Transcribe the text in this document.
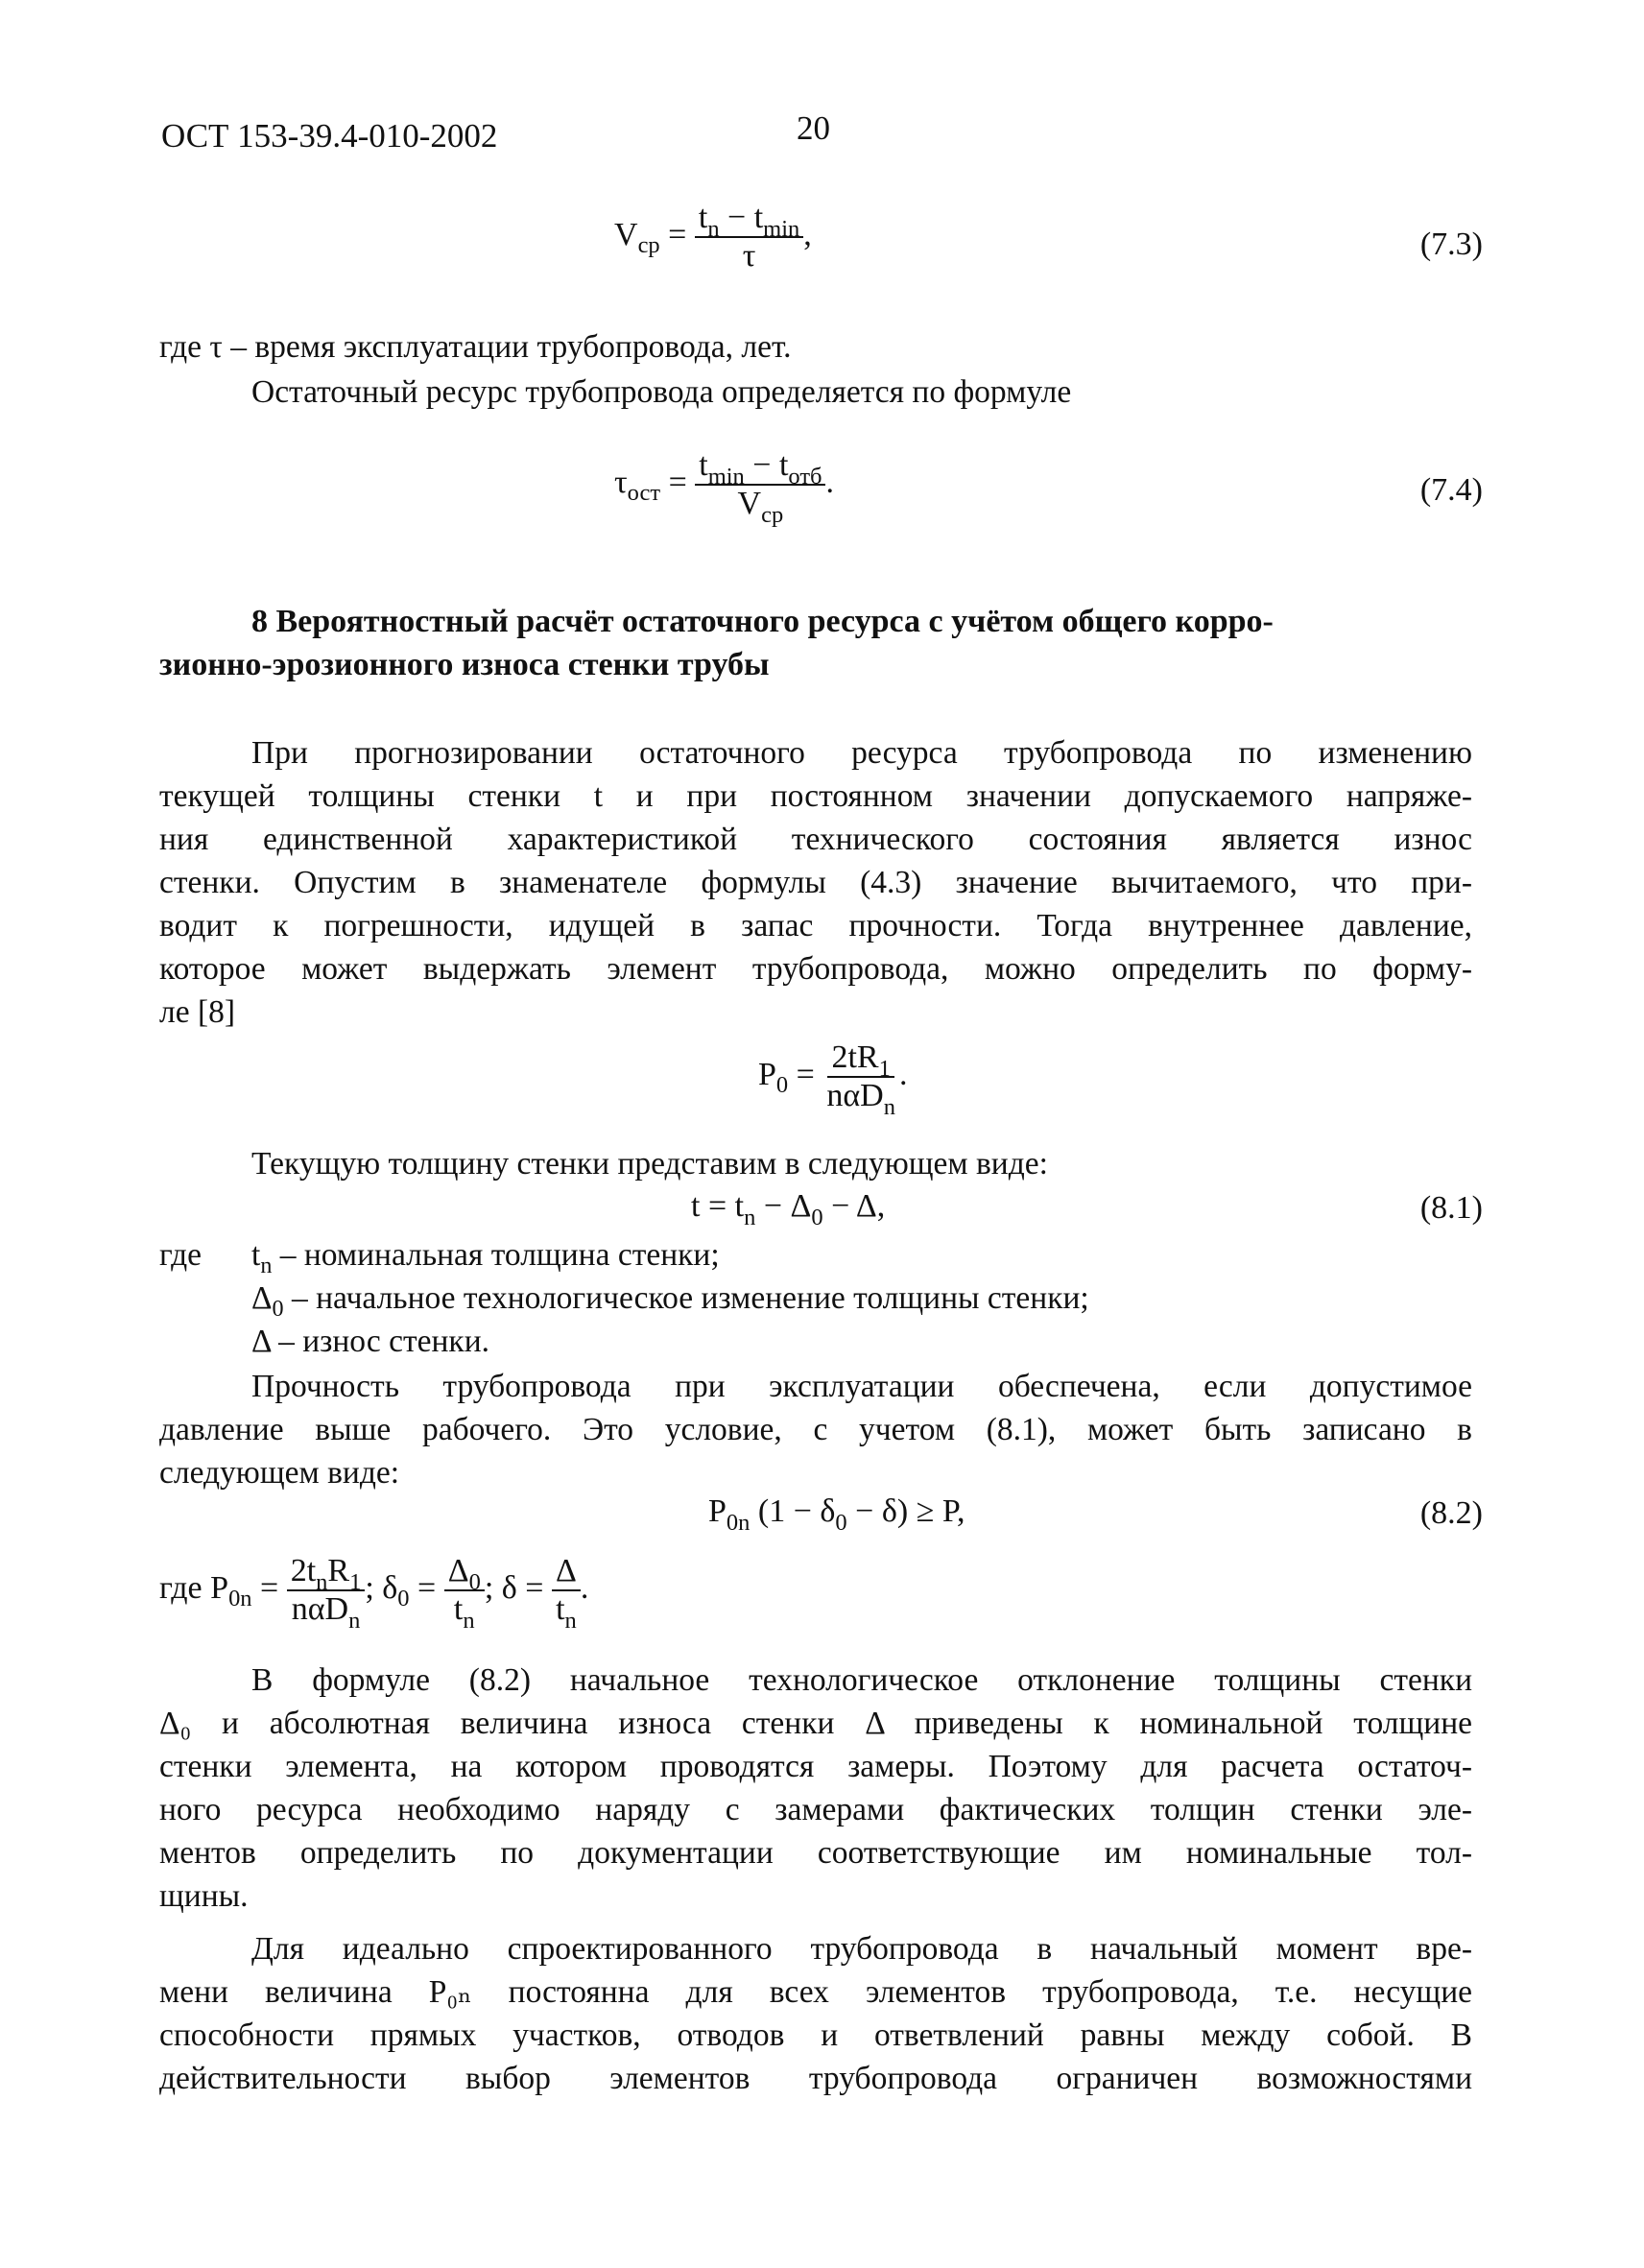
ОСТ 153-39.4-010-2002	20
$V_{ср} = \frac{t_n - t_{min}}{\tau}$ ,	(7.3)
где τ – время эксплуатации трубопровода, лет.
Остаточный ресурс трубопровода определяется по формуле
$\tau_{ост} = \frac{t_{min} - t_{отб}}{V_{ср}}$ .	(7.4)
8 Вероятностный расчёт остаточного ресурса с учётом общего корро-
зионно-эрозионного износа стенки трубы
При прогнозировании остаточного ресурса трубопровода по изменению
текущей толщины стенки t и при постоянном значении допускаемого напряже-
ния единственной характеристикой технического состояния является износ
стенки. Опустим в знаменателе формулы (4.3) значение вычитаемого, что при-
водит к погрешности, идущей в запас прочности. Тогда внутреннее давление,
которое может выдержать элемент трубопровода, можно определить по форму-
ле [8]
$P_0 = \frac{2tR_1}{n\alpha D_n}$ .
Текущую толщину стенки представим в следующем виде:
$t = t_n - \Delta_0 - \Delta$,	(8.1)
где $t_n$ – номинальная толщина стенки;
$\Delta_0$ – начальное технологическое изменение толщины стенки;
Δ – износ стенки.
Прочность трубопровода при эксплуатации обеспечена, если допустимое
давление выше рабочего. Это условие, с учетом (8.1), может быть записано в
следующем виде:
$P_{0n}$ $(1 - \delta_0 - \delta) \ge P$,	(8.2)
где $P_{0n} = \frac{2t_nR_1}{n\alpha D_n}$ ; $\delta_0 = \frac{\Delta_0}{t_n}$ ; $\delta = \frac{\Delta}{t_n}$ .
В формуле (8.2) начальное технологическое отклонение толщины стенки
Δ₀ и абсолютная величина износа стенки Δ приведены к номинальной толщине
стенки элемента, на котором проводятся замеры. Поэтому для расчета остаточ-
ного ресурса необходимо наряду с замерами фактических толщин стенки эле-
ментов определить по документации соответствующие им номинальные тол-
щины.
Для идеально спроектированного трубопровода в начальный момент вре-
мени величина P₀ₙ постоянна для всех элементов трубопровода, т.е. несущие
способности прямых участков, отводов и ответвлений равны между собой. В
действительности выбор элементов трубопровода ограничен возможностями
